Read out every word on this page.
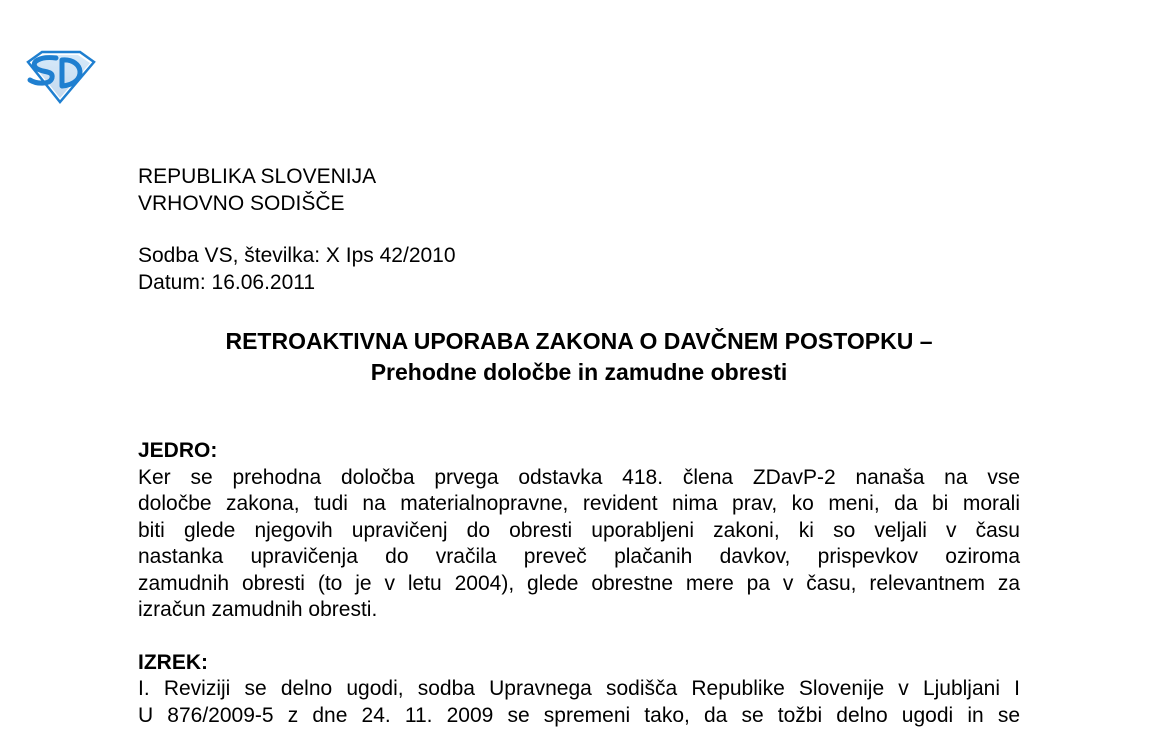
REPUBLIKA SLOVENIJA
VRHOVNO SODIŠČE
Sodba VS, številka: X Ips 42/2010
Datum: 16.06.2011
RETROAKTIVNA UPORABA ZAKONA O DAVČNEM POSTOPKU –
Prehodne določbe in zamudne obresti
JEDRO:
Ker se prehodna določba prvega odstavka 418. člena ZDavP-2 nanaša na vse
določbe zakona, tudi na materialnopravne, revident nima prav, ko meni, da bi morali
biti glede njegovih upravičenj do obresti uporabljeni zakoni, ki so veljali v času
nastanka upravičenja do vračila preveč plačanih davkov, prispevkov oziroma
zamudnih obresti (to je v letu 2004), glede obrestne mere pa v času, relevantnem za
izračun zamudnih obresti.
IZREK:
I. Reviziji se delno ugodi, sodba Upravnega sodišča Republike Slovenije v Ljubljani I
U 876/2009-5 z dne 24. 11. 2009 se spremeni tako, da se tožbi delno ugodi in se
